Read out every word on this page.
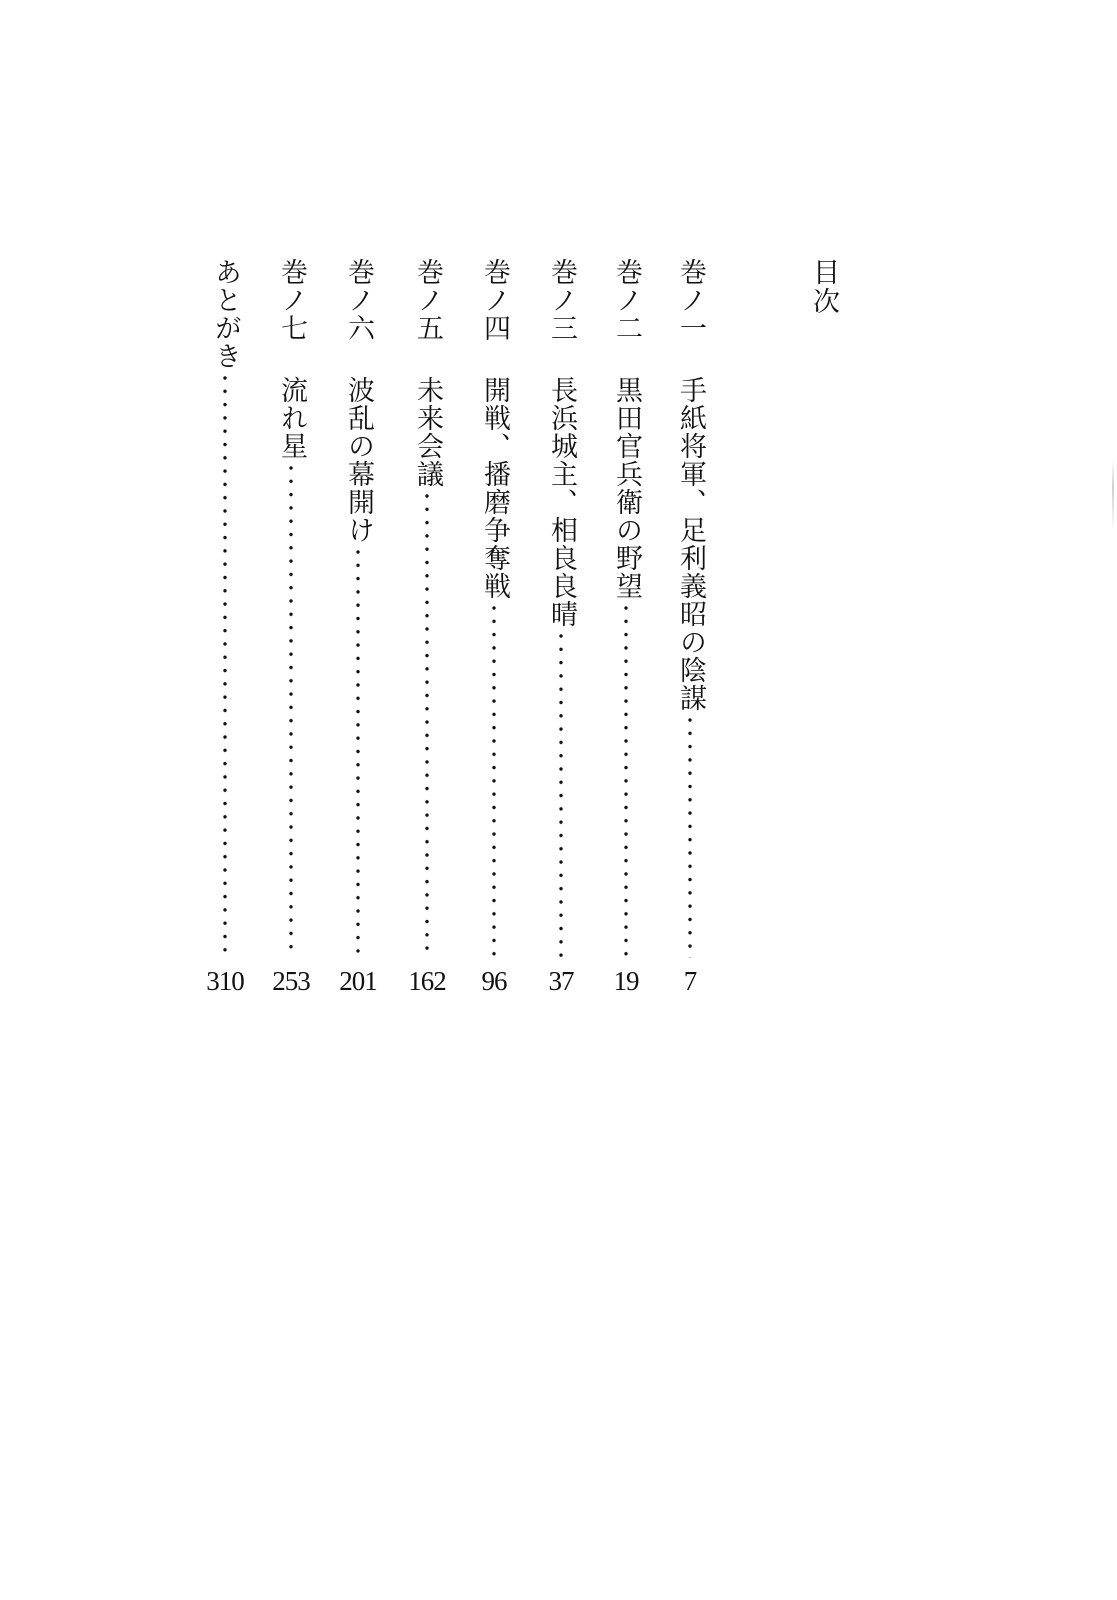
目次
巻ノ一
手紙将軍、足利義昭の陰謀
7
巻ノ二
黒田官兵衛の野望
19
巻ノ三
長浜城主、相良良晴
37
巻ノ四
開戦、播磨争奪戦
96
巻ノ五
未来会議
162
巻ノ六
波乱の幕開け
201
巻ノ七
流れ星
253
あとがき
310
